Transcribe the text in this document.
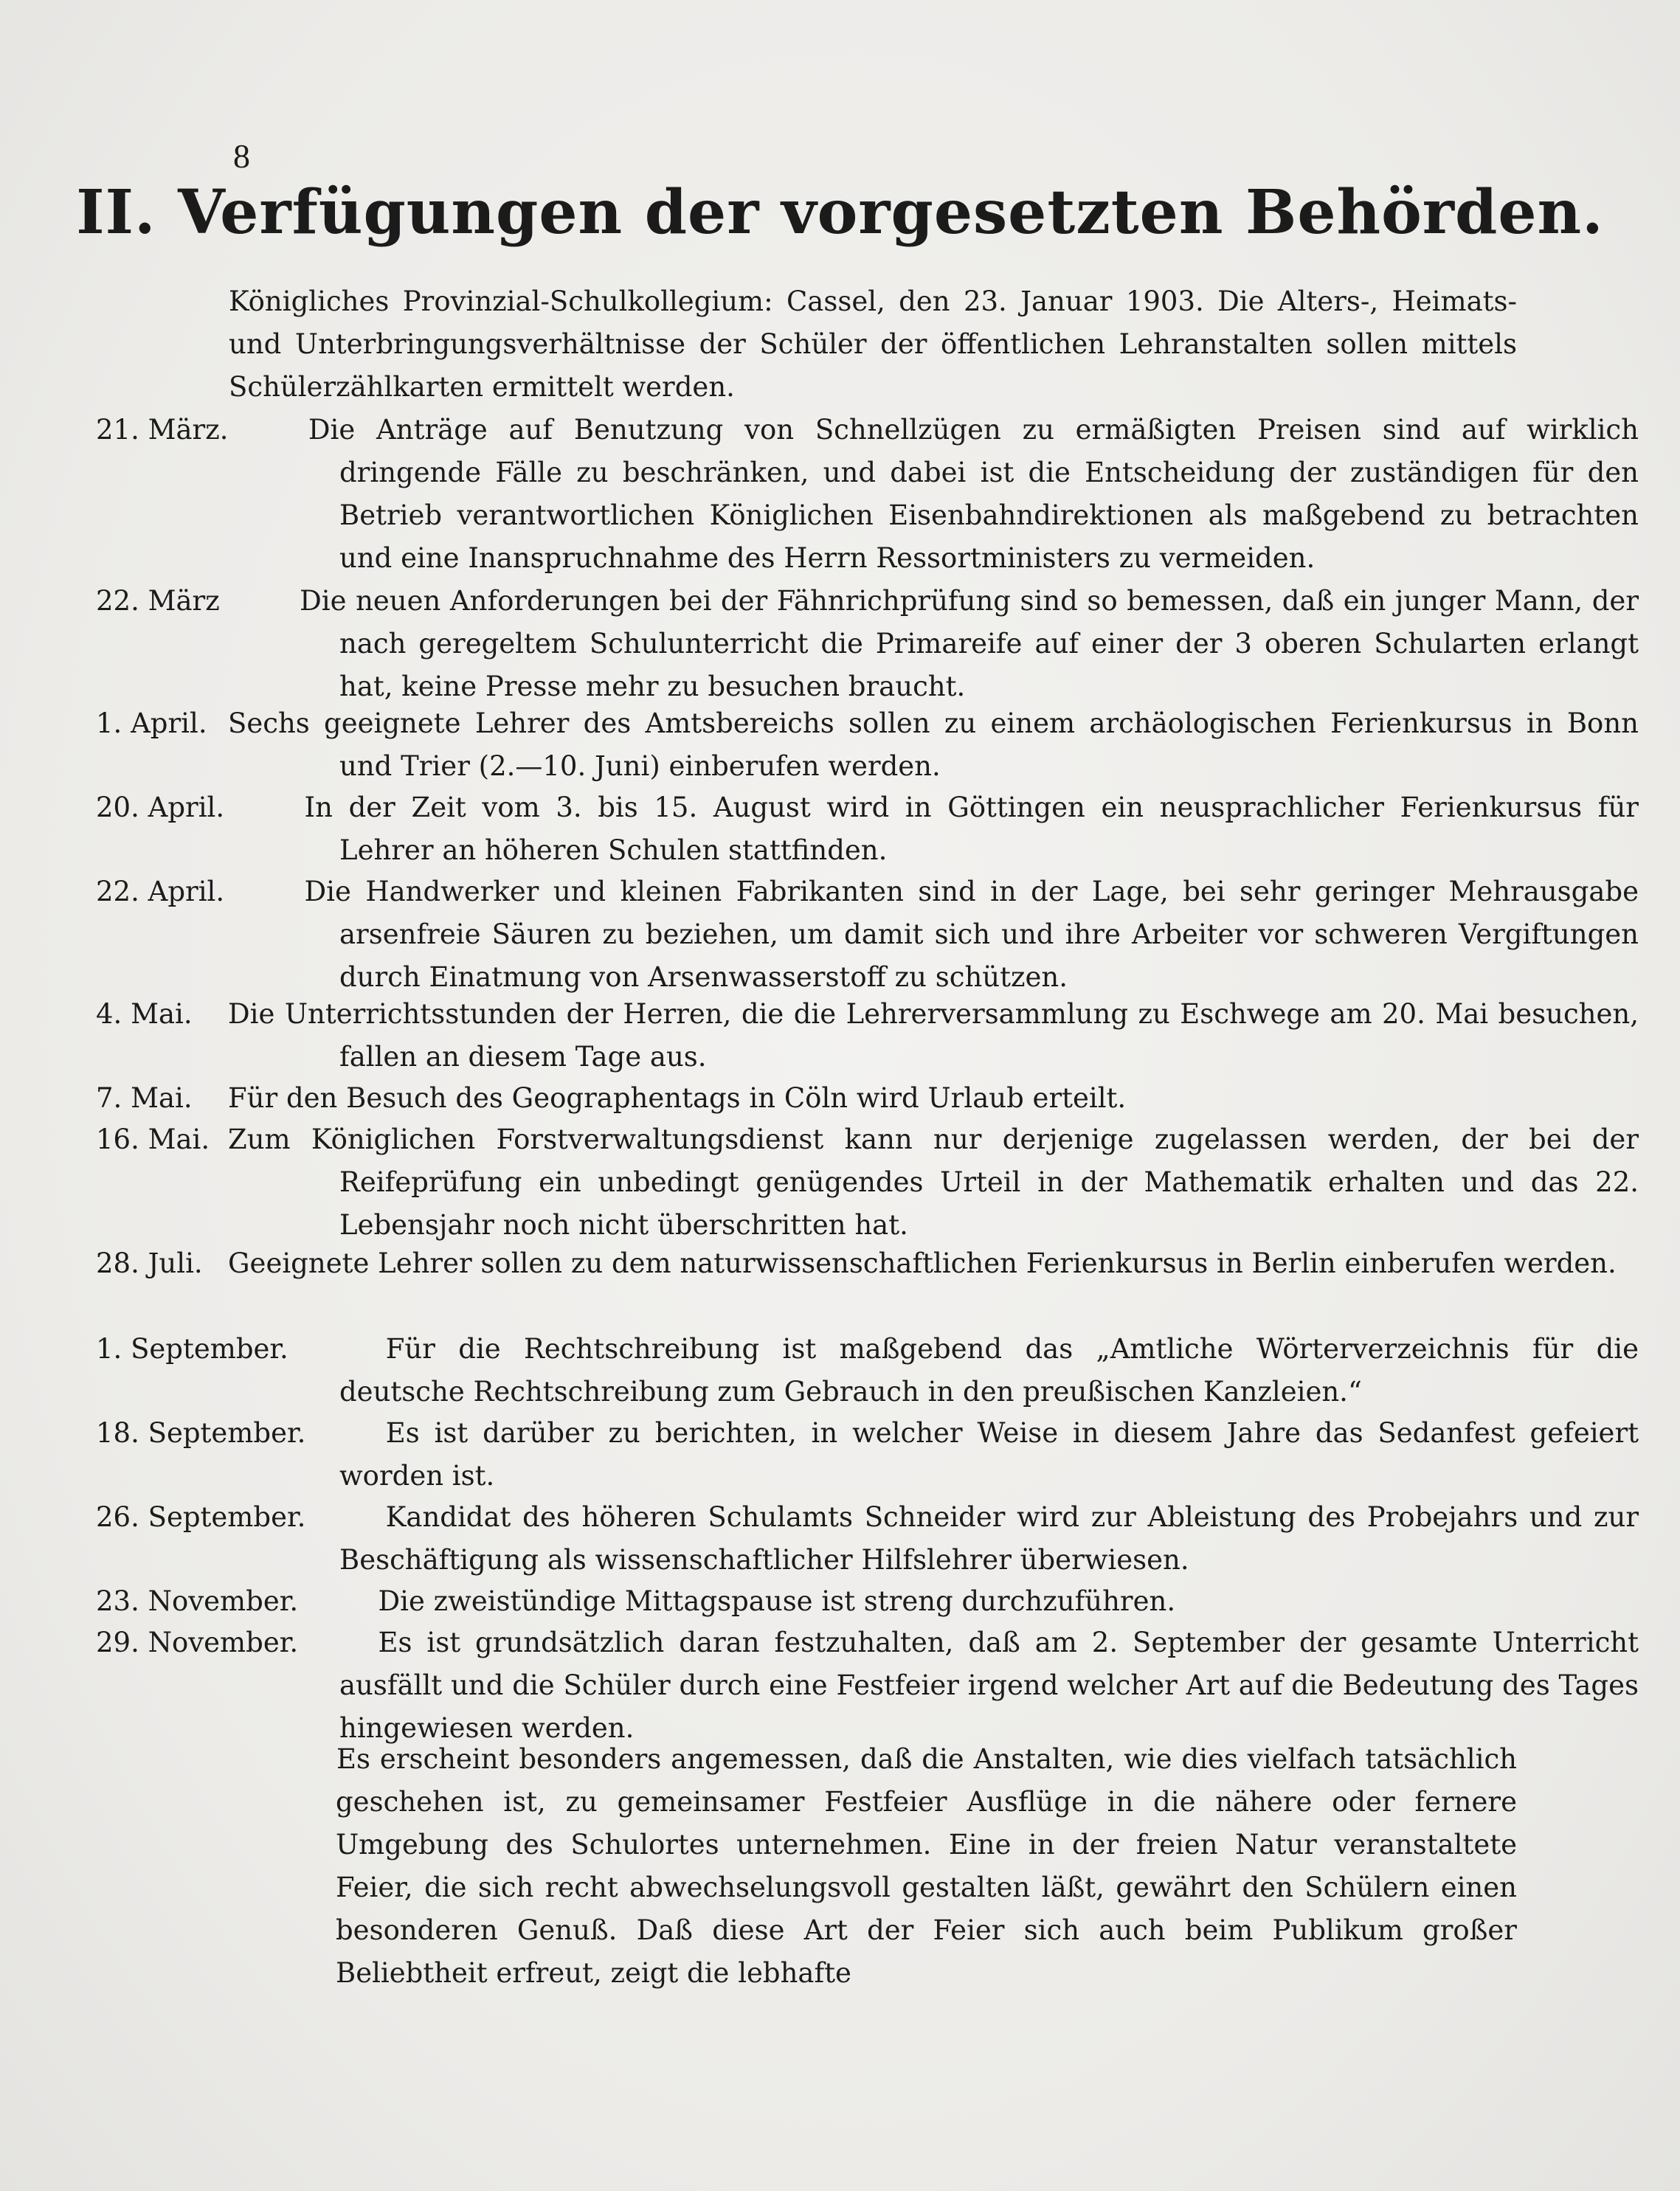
8
II. Verfügungen der vorgesetzten Behörden.
Königliches Provinzial-Schulkollegium: Cassel, den 23. Januar 1903. Die Alters-, Heimats- und Unterbringungsverhältnisse der Schüler der öffentlichen Lehranstalten sollen mittels Schülerzählkarten ermittelt werden.
21. März.	Die Anträge auf Benutzung von Schnellzügen zu ermäßigten Preisen sind auf wirklich dringende Fälle zu beschränken, und dabei ist die Entscheidung der zuständigen für den Betrieb verantwortlichen Königlichen Eisenbahndirektionen als maßgebend zu betrachten und eine Inanspruchnahme des Herrn Ressortministers zu vermeiden.
22. März	Die neuen Anforderungen bei der Fähnrichprüfung sind so bemessen, daß ein junger Mann, der nach geregeltem Schulunterricht die Primareife auf einer der 3 oberen Schularten erlangt hat, keine Presse mehr zu besuchen braucht.
1. April. Sechs geeignete Lehrer des Amtsbereichs sollen zu einem archäologischen Ferienkursus in Bonn und Trier (2.—10. Juni) einberufen werden.
20. April.	In der Zeit vom 3. bis 15. August wird in Göttingen ein neusprachlicher Ferienkursus für Lehrer an höheren Schulen stattfinden.
22. April.	Die Handwerker und kleinen Fabrikanten sind in der Lage, bei sehr geringer Mehrausgabe arsenfreie Säuren zu beziehen, um damit sich und ihre Arbeiter vor schweren Vergiftungen durch Einatmung von Arsenwasserstoff zu schützen.
4. Mai. Die Unterrichtsstunden der Herren, die die Lehrerversammlung zu Eschwege am 20. Mai besuchen, fallen an diesem Tage aus.
7. Mai. Für den Besuch des Geographentags in Cöln wird Urlaub erteilt.
16. Mai. Zum Königlichen Forstverwaltungsdienst kann nur derjenige zugelassen werden, der bei der Reifeprüfung ein unbedingt genügendes Urteil in der Mathematik erhalten und das 22. Lebensjahr noch nicht überschritten hat.
28. Juli. Geeignete Lehrer sollen zu dem naturwissenschaftlichen Ferienkursus in Berlin einberufen werden.
1. September.	Für die Rechtschreibung ist maßgebend das „Amtliche Wörterverzeichnis für die deutsche Rechtschreibung zum Gebrauch in den preußischen Kanzleien.“
18. September.	Es ist darüber zu berichten, in welcher Weise in diesem Jahre das Sedanfest gefeiert worden ist.
26. September.	Kandidat des höheren Schulamts Schneider wird zur Ableistung des Probejahrs und zur Beschäftigung als wissenschaftlicher Hilfslehrer überwiesen.
23. November.	Die zweistündige Mittagspause ist streng durchzuführen.
29. November.	Es ist grundsätzlich daran festzuhalten, daß am 2. September der gesamte Unterricht ausfällt und die Schüler durch eine Festfeier irgend welcher Art auf die Bedeutung des Tages hingewiesen werden.
Es erscheint besonders angemessen, daß die Anstalten, wie dies vielfach tatsächlich geschehen ist, zu gemeinsamer Festfeier Ausflüge in die nähere oder fernere Umgebung des Schulortes unternehmen. Eine in der freien Natur veranstaltete Feier, die sich recht abwechselungsvoll gestalten läßt, gewährt den Schülern einen besonderen Genuß. Daß diese Art der Feier sich auch beim Publikum großer Beliebtheit erfreut, zeigt die lebhafte
